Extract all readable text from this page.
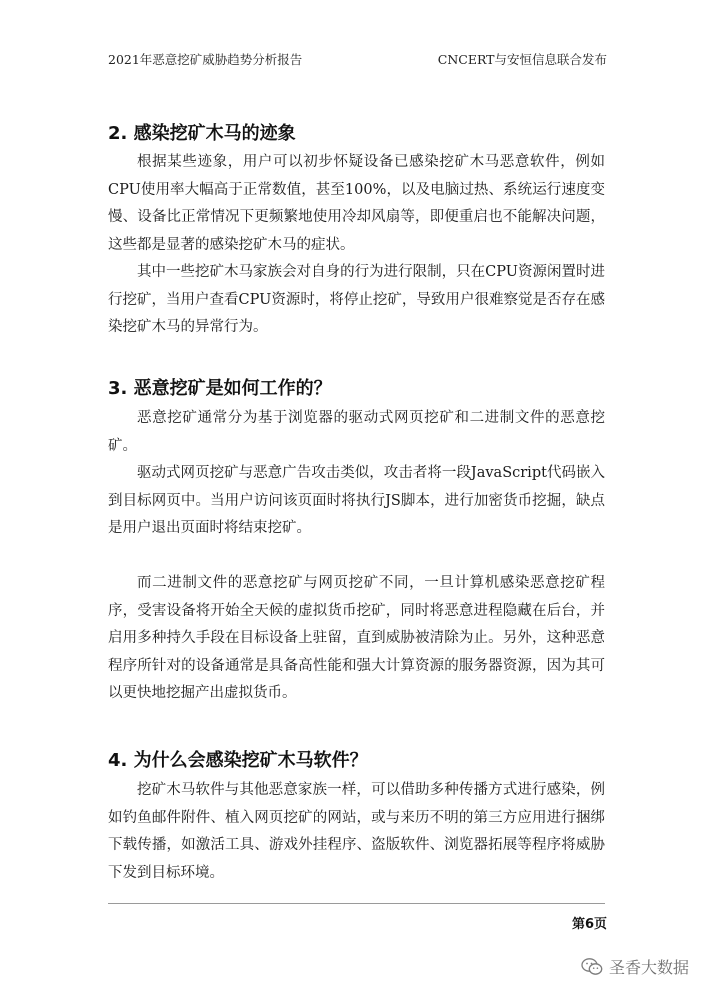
2021年恶意挖矿威胁趋势分析报告	CNCERT与安恒信息联合发布
2. 感染挖矿木马的迹象

根据某些迹象，用户可以初步怀疑设备已感染挖矿木马恶意软件，例如CPU使用率大幅高于正常数值，甚至100%，以及电脑过热、系统运行速度变慢、设备比正常情况下更频繁地使用冷却风扇等，即便重启也不能解决问题，这些都是显著的感染挖矿木马的症状。

其中一些挖矿木马家族会对自身的行为进行限制，只在CPU资源闲置时进行挖矿，当用户查看CPU资源时，将停止挖矿，导致用户很难察觉是否存在感染挖矿木马的异常行为。

3. 恶意挖矿是如何工作的？

恶意挖矿通常分为基于浏览器的驱动式网页挖矿和二进制文件的恶意挖矿。

驱动式网页挖矿与恶意广告攻击类似，攻击者将一段JavaScript代码嵌入到目标网页中。当用户访问该页面时将执行JS脚本，进行加密货币挖掘，缺点是用户退出页面时将结束挖矿。

而二进制文件的恶意挖矿与网页挖矿不同，一旦计算机感染恶意挖矿程序，受害设备将开始全天候的虚拟货币挖矿，同时将恶意进程隐藏在后台，并启用多种持久手段在目标设备上驻留，直到威胁被清除为止。另外，这种恶意程序所针对的设备通常是具备高性能和强大计算资源的服务器资源，因为其可以更快地挖掘产出虚拟货币。

4. 为什么会感染挖矿木马软件？

挖矿木马软件与其他恶意家族一样，可以借助多种传播方式进行感染，例如钓鱼邮件附件、植入网页挖矿的网站，或与来历不明的第三方应用进行捆绑下载传播，如激活工具、游戏外挂程序、盗版软件、浏览器拓展等程序将威胁下发到目标环境。

第6页
圣香大数据
